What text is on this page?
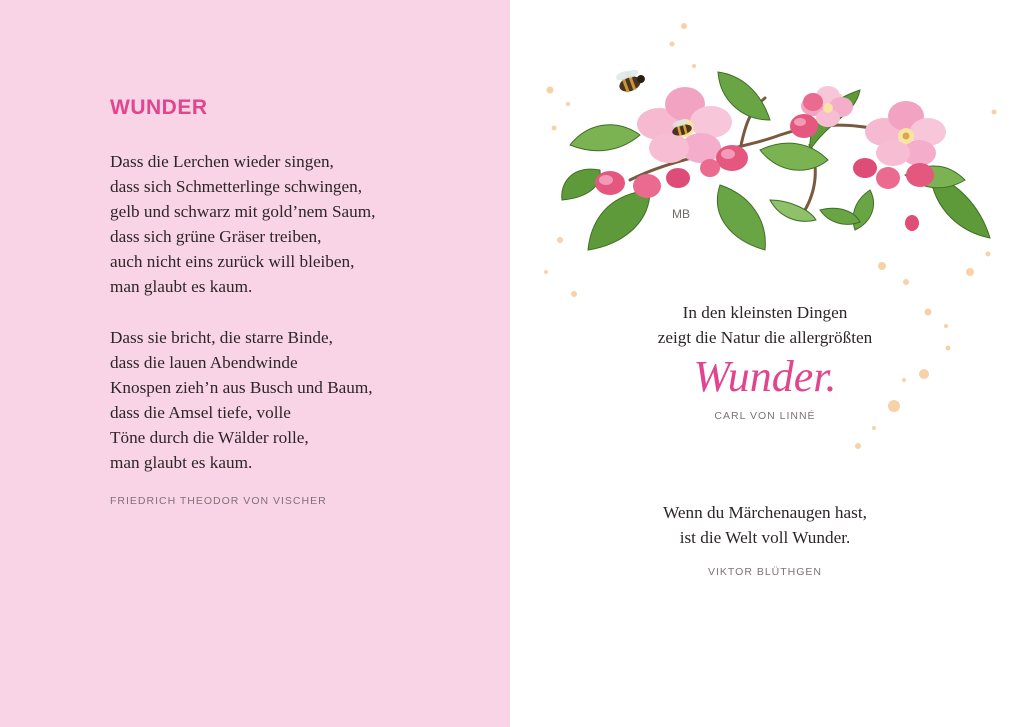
WUNDER
Dass die Lerchen wieder singen,
dass sich Schmetterlinge schwingen,
gelb und schwarz mit gold’nem Saum,
dass sich grüne Gräser treiben,
auch nicht eins zurück will bleiben,
man glaubt es kaum.
Dass sie bricht, die starre Binde,
dass die lauen Abendwinde
Knospen zieh’n aus Busch und Baum,
dass die Amsel tiefe, volle
Töne durch die Wälder rolle,
man glaubt es kaum.
FRIEDRICH THEODOR VON VISCHER
MB
In den kleinsten Dingen
zeigt die Natur die allergrößten
Wunder.
CARL VON LINNÉ
Wenn du Märchenaugen hast,
ist die Welt voll Wunder.
VIKTOR BLÜTHGEN
